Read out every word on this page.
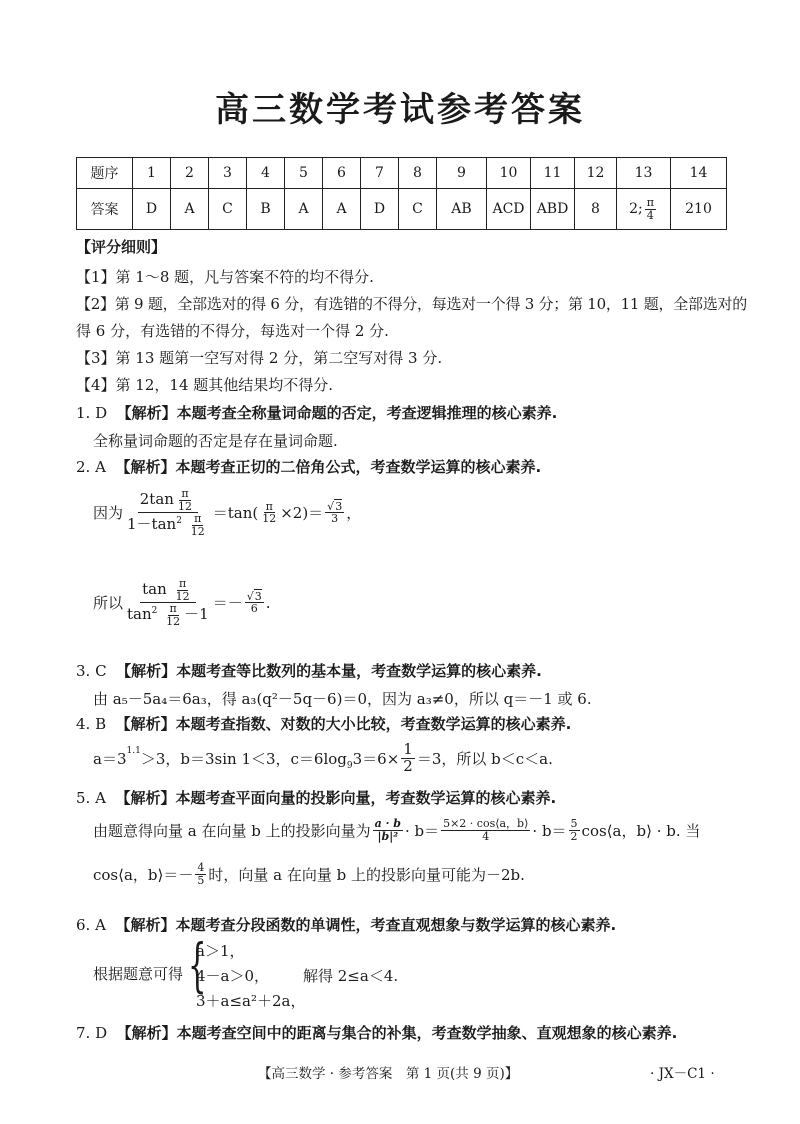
高三数学考试参考答案
题序	1	2	3	4	5	6	7	8	9	10	11	12	13	14
答案	D	A	C	B	A	A	D	C	AB	ACD	ABD	8	2; $\frac{\pi}{4}$	210
【评分细则】
【1】第 1～8 题，凡与答案不符的均不得分.
【2】第 9 题，全部选对的得 6 分，有选错的不得分，每选对一个得 3 分；第 10，11 题，全部选对的
得 6 分，有选错的不得分，每选对一个得 2 分.
【3】第 13 题第一空写对得 2 分，第二空写对得 3 分.
【4】第 12，14 题其他结果均不得分.
1. D 【解析】本题考查全称量词命题的否定，考查逻辑推理的核心素养.
全称量词命题的否定是存在量词命题.
2. A 【解析】本题考查正切的二倍角公式，考查数学运算的核心素养.
因为 $\frac{2\tan \frac{\pi}{12}}{1-\tan^2 \frac{\pi}{12}} =\tan( \frac{\pi}{12} \times 2)= \frac{√3}{3}$ ，
所以 $\frac{\tan \frac{\pi}{12}}{\tan^2 \frac{\pi}{12} -1} =- \frac{√3}{6}$ .
3. C 【解析】本题考查等比数列的基本量，考查数学运算的核心素养.
由 a₅－5a₄＝6a₃，得 a₃(q²－5q－6)＝0，因为 a₃≠0，所以 q＝－1 或 6.
4. B 【解析】本题考查指数、对数的大小比较，考查数学运算的核心素养.
$a=3^{1.1} >3$，b＝3sin 1＜3，$c=6\log_9$ $3=6\times \frac{1}{2} =3$，所以 b＜c＜a.
5. A 【解析】本题考查平面向量的投影向量，考查数学运算的核心素养.
由题意得向量 a 在向量 b 上的投影向量为 $\frac{a \cdot b}{\text{|b|²}} \cdot b= \frac{5\times 2 \cdot \cos⟨a,b⟩}{4} \cdot b= \frac{5}{2}$ cos⟨a，b⟩ · b. 当
cos⟨a，b⟩＝－ $\frac{4}{5}$ 时，向量 a 在向量 b 上的投影向量可能为－2b.
6. A 【解析】本题考查分段函数的单调性，考查直观想象与数学运算的核心素养.
根据题意可得 {
a＞1，
4－a＞0，
3＋a≤a²＋2a，
解得 2≤a＜4.
7. D 【解析】本题考查空间中的距离与集合的补集，考查数学抽象、直观想象的核心素养.
【高三数学 · 参考答案　第 1 页(共 9 页)】	· JX－C1 ·
